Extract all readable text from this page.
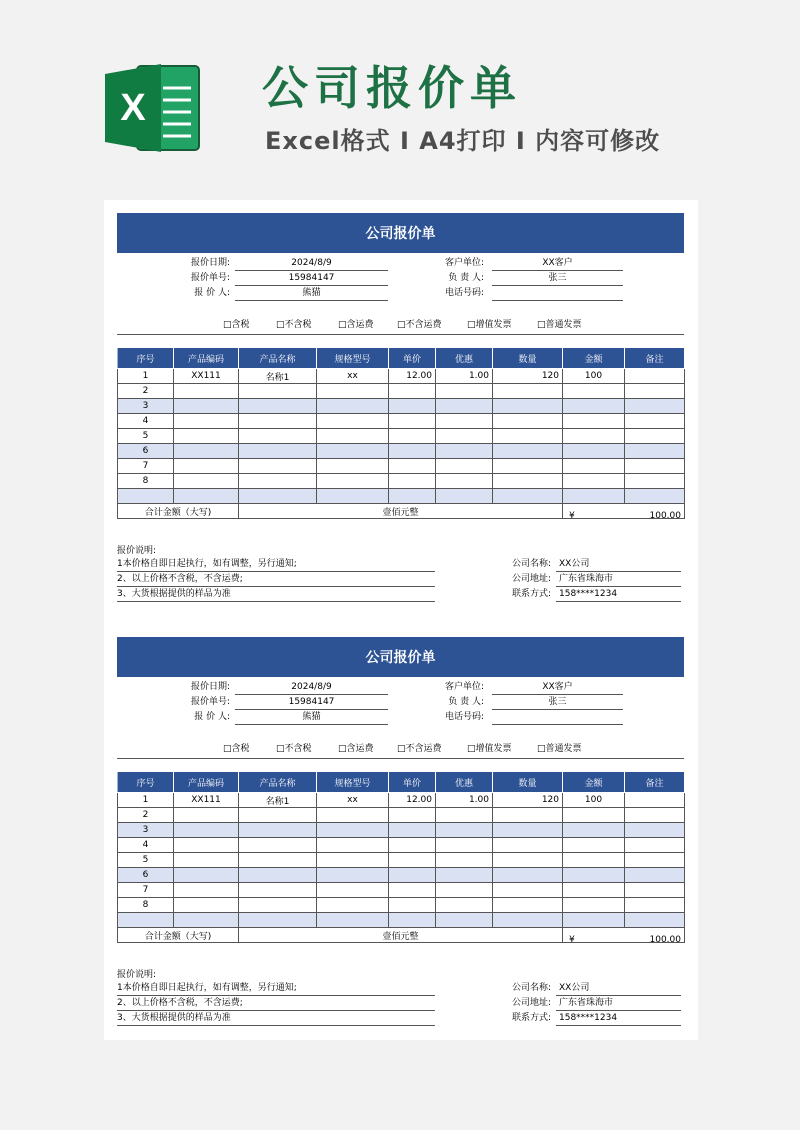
X	公司报价单
Excel格式 I A4打印 I 内容可修改
公司报价单
报价日期:	2024/8/9
报价单号:	15984147
报 价 人:	熊猫
客户单位:	XX客户
负 责 人:	张三
电话号码:
□含税	□不含税	□含运费	□不含运费	□增值发票	□普通发票
序号	产品编码	产品名称	规格型号	单价	优惠	数量	金额	备注
1	XX111	名称1	xx	12.00	1.00	120	100	
2								
3								
4								
5								
6								
7								
8								

合计金额（大写)		壹佰元整					¥ 100.00	
报价说明:
1本价格自即日起执行，如有调整，另行通知;
2、以上价格不含税，不含运费;
3、大货根据提供的样品为准
公司名称: XX公司
公司地址: 广东省珠海市
联系方式: 158****1234
公司报价单
报价日期:	2024/8/9
报价单号:	15984147
报 价 人:	熊猫
客户单位:	XX客户
负 责 人:	张三
电话号码:
□含税	□不含税	□含运费	□不含运费	□增值发票	□普通发票
序号	产品编码	产品名称	规格型号	单价	优惠	数量	金额	备注
1	XX111	名称1	xx	12.00	1.00	120	100	
2								
3								
4								
5								
6								
7								
8								

合计金额（大写)		壹佰元整					¥ 100.00	
报价说明:
1本价格自即日起执行，如有调整，另行通知;
2、以上价格不含税，不含运费;
3、大货根据提供的样品为准
公司名称: XX公司
公司地址: 广东省珠海市
联系方式: 158****1234
